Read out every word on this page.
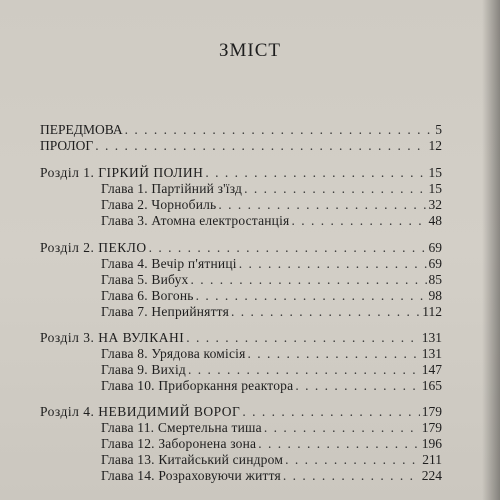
ЗМІСТ
ПЕРЕДМОВА . . .	5
ПРОЛОГ . . .	12
Розділ 1. ГІРКИЙ ПОЛИН . . .	15
Глава 1. Партійний з'їзд . . .	15
Глава 2. Чорнобиль . . .	32
Глава 3. Атомна електростанція . . .	48
Розділ 2. ПЕКЛО . . .	69
Глава 4. Вечір п'ятниці . . .	69
Глава 5. Вибух . . .	85
Глава 6. Вогонь . . .	98
Глава 7. Неприйняття . . .	112
Розділ 3. НА ВУЛКАНІ . . .	131
Глава 8. Урядова комісія . . .	131
Глава 9. Вихід . . .	147
Глава 10. Приборкання реактора . . .	165
Розділ 4. НЕВИДИМИЙ ВОРОГ . . .	179
Глава 11. Смертельна тиша . . .	179
Глава 12. Заборонена зона . . .	196
Глава 13. Китайський синдром . . .	211
Глава 14. Розраховуючи життя . . .	224
